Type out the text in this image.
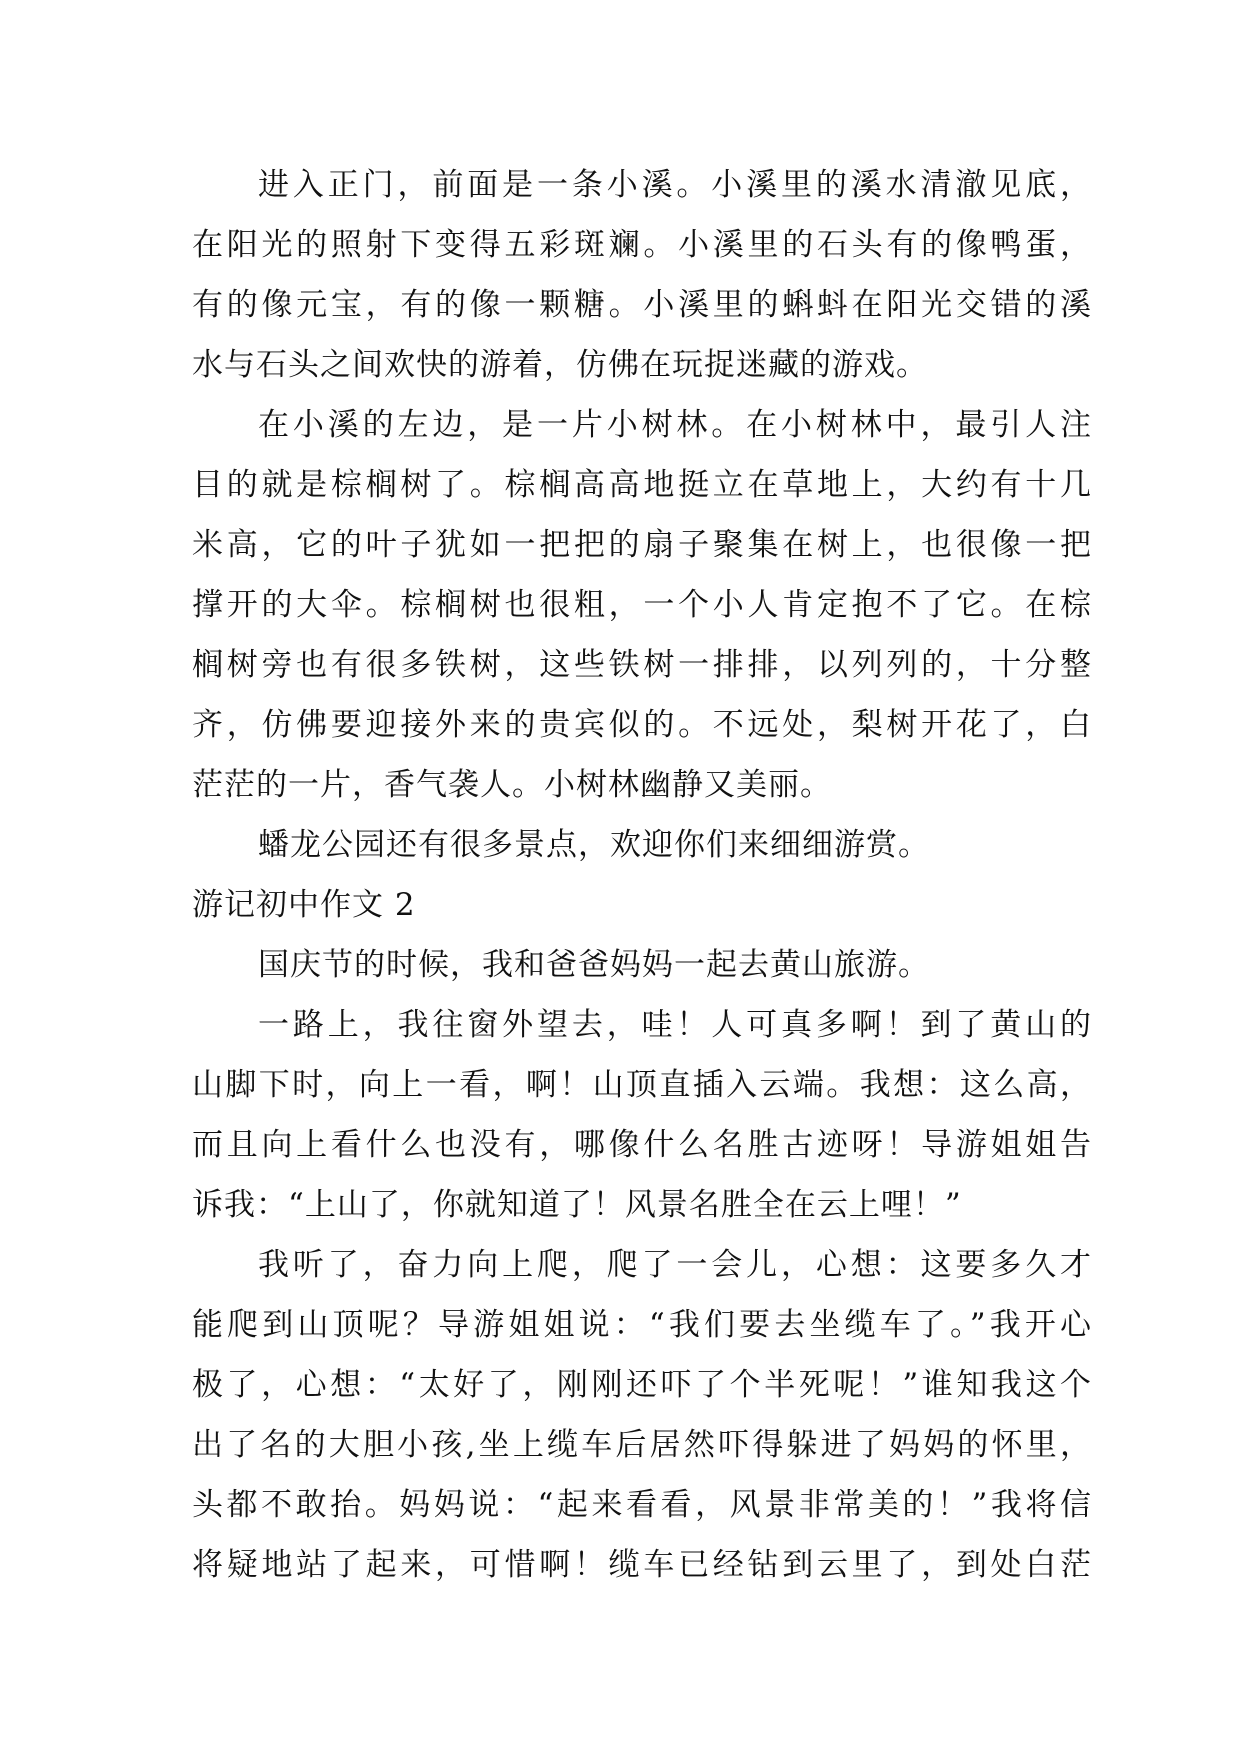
进入正门，前面是一条小溪。小溪里的溪水清澈见底，
在阳光的照射下变得五彩斑斓。小溪里的石头有的像鸭蛋，
有的像元宝，有的像一颗糖。小溪里的蝌蚪在阳光交错的溪
水与石头之间欢快的游着，仿佛在玩捉迷藏的游戏。
在小溪的左边，是一片小树林。在小树林中，最引人注
目的就是棕榈树了。棕榈高高地挺立在草地上，大约有十几
米高，它的叶子犹如一把把的扇子聚集在树上，也很像一把
撑开的大伞。棕榈树也很粗，一个小人肯定抱不了它。在棕
榈树旁也有很多铁树，这些铁树一排排，以列列的，十分整
齐，仿佛要迎接外来的贵宾似的。不远处，梨树开花了，白
茫茫的一片，香气袭人。小树林幽静又美丽。
蟠龙公园还有很多景点，欢迎你们来细细游赏。
游记初中作文 2
国庆节的时候，我和爸爸妈妈一起去黄山旅游。
一路上，我往窗外望去，哇！人可真多啊！到了黄山的
山脚下时，向上一看，啊！山顶直插入云端。我想：这么高，
而且向上看什么也没有，哪像什么名胜古迹呀！导游姐姐告
诉我：“上山了，你就知道了！风景名胜全在云上哩！”
我听了，奋力向上爬，爬了一会儿，心想：这要多久才
能爬到山顶呢？导游姐姐说：“我们要去坐缆车了。”我开心
极了，心想：“太好了，刚刚还吓了个半死呢！”谁知我这个
出了名的大胆小孩,坐上缆车后居然吓得躲进了妈妈的怀里，
头都不敢抬。妈妈说：“起来看看，风景非常美的！”我将信
将疑地站了起来，可惜啊！缆车已经钻到云里了，到处白茫
